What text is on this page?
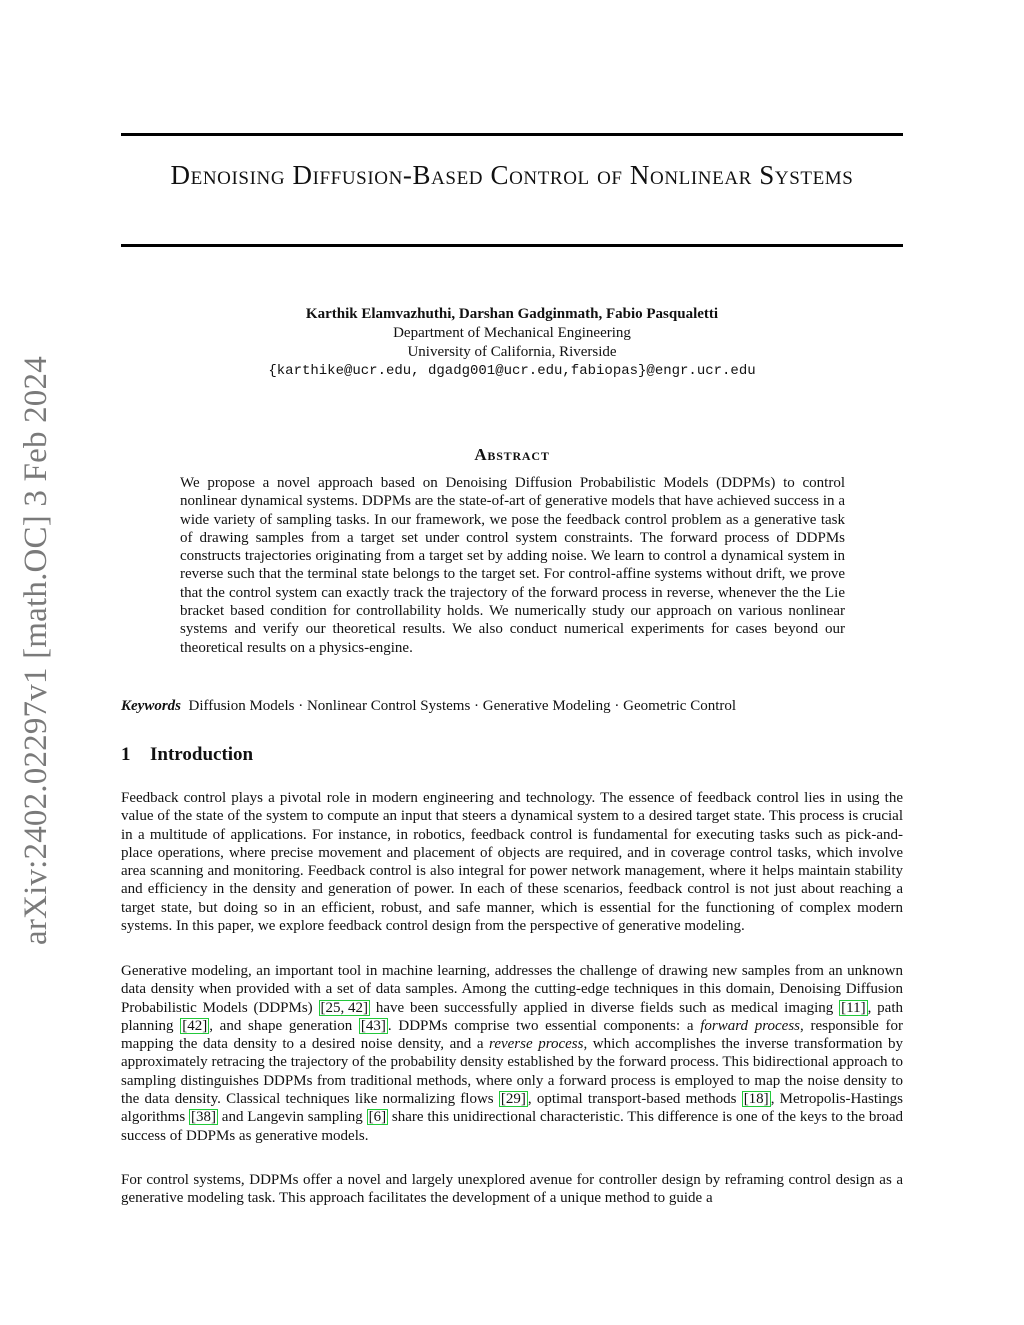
arXiv:2402.02297v1 [math.OC] 3 Feb 2024
Denoising Diffusion-Based Control of Nonlinear Systems
Karthik Elamvazhuthi, Darshan Gadginmath, Fabio Pasqualetti
Department of Mechanical Engineering
University of California, Riverside
{karthike@ucr.edu, dgadg001@ucr.edu,fabiopas}@engr.ucr.edu
Abstract

We propose a novel approach based on Denoising Diffusion Probabilistic Models (DDPMs) to control nonlinear dynamical systems. DDPMs are the state-of-art of generative models that have achieved success in a wide variety of sampling tasks. In our framework, we pose the feedback control problem as a generative task of drawing samples from a target set under control system constraints. The forward process of DDPMs constructs trajectories originating from a target set by adding noise. We learn to control a dynamical system in reverse such that the terminal state belongs to the target set. For control-affine systems without drift, we prove that the control system can exactly track the trajectory of the forward process in reverse, whenever the the Lie bracket based condition for controllability holds. We numerically study our approach on various nonlinear systems and verify our theoretical results. We also conduct numerical experiments for cases beyond our theoretical results on a physics-engine.

Keywords Diffusion Models · Nonlinear Control Systems · Generative Modeling · Geometric Control
1 Introduction

Feedback control plays a pivotal role in modern engineering and technology. The essence of feedback control lies in using the value of the state of the system to compute an input that steers a dynamical system to a desired target state. This process is crucial in a multitude of applications. For instance, in robotics, feedback control is fundamental for executing tasks such as pick-and-place operations, where precise movement and placement of objects are required, and in coverage control tasks, which involve area scanning and monitoring. Feedback control is also integral for power network management, where it helps maintain stability and efficiency in the density and generation of power. In each of these scenarios, feedback control is not just about reaching a target state, but doing so in an efficient, robust, and safe manner, which is essential for the functioning of complex modern systems. In this paper, we explore feedback control design from the perspective of generative modeling.

Generative modeling, an important tool in machine learning, addresses the challenge of drawing new samples from an unknown data density when provided with a set of data samples. Among the cutting-edge techniques in this domain, Denoising Diffusion Probabilistic Models (DDPMs) [25, 42] have been successfully applied in diverse fields such as medical imaging [11] , path planning [42] , and shape generation [43] . DDPMs comprise two essential components: a forward process, responsible for mapping the data density to a desired noise density, and a reverse process, which accomplishes the inverse transformation by approximately retracing the trajectory of the probability density established by the forward process. This bidirectional approach to sampling distinguishes DDPMs from traditional methods, where only a forward process is employed to map the noise density to the data density. Classical techniques like normalizing flows [29] , optimal transport-based methods [18] , Metropolis-Hastings algorithms [38] and Langevin sampling [6] share this unidirectional characteristic. This difference is one of the keys to the broad success of DDPMs as generative models.

For control systems, DDPMs offer a novel and largely unexplored avenue for controller design by reframing control design as a generative modeling task. This approach facilitates the development of a unique method to guide a
